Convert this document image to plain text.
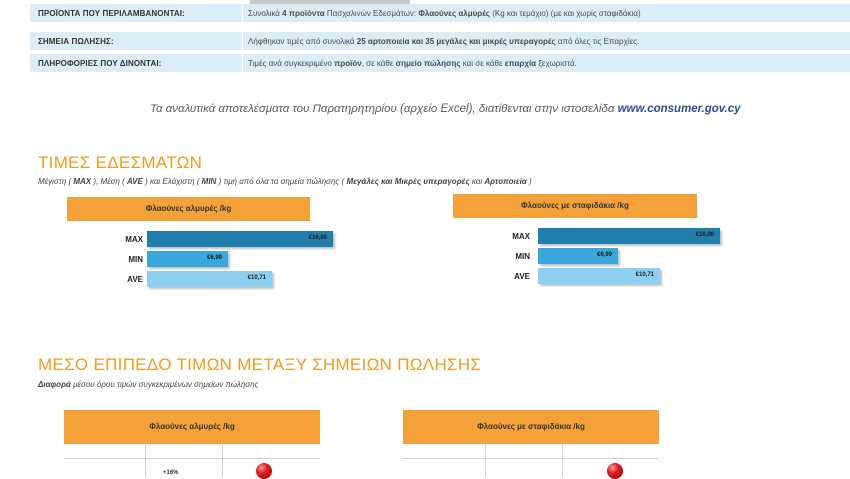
ΠΡΟΪΟΝΤΑ ΠΟΥ ΠΕΡΙΛΑΜΒΑΝΟΝΤΑΙ:	Συνολικά 4 προϊόντα Πασχαλινών Εδεσμάτων: Φλαούνες αλμυρές (Kg και τεμάχιο) (με και χωρίς σταφιδάκια)
ΣΗΜΕΙΑ ΠΩΛΗΣΗΣ:	Λήφθηκαν τιμές από συνολικά 25 αρτοποιεία και 35 μεγάλες και μικρές υπεραγορές από όλες τις Επαρχίες.
ΠΛΗΡΟΦΟΡΙΕΣ ΠΟΥ ΔΙΝΟΝΤΑΙ:	Τιμές ανά συγκεκριμένο προϊόν, σε κάθε σημείο πώλησης και σε κάθε επαρχία ξεχωριστά.
Τα αναλυτικά αποτελέσματα του Παρατηρητηρίου (αρχείο Excel), διατίθενται στην ιστοσελίδα www.consumer.gov.cy
ΤΙΜΕΣ ΕΔΕΣΜΑΤΩΝ
Μέγιστη ( MAX ), Μέση ( AVE ) και Ελάχιστη ( MIN ) τιμή από όλα τα σημεία πώλησης ( Μεγάλες και Μικρές υπεραγορές και Αρτοποιεία )
Φλαούνες αλμυρές /kg
MAX	€16,00
MIN	€6,99
AVE	€10,71
Φλαούνες με σταφιδάκια /kg
MAX	€16,00
MIN	€6,99
AVE	€10,71
ΜΕΣΟ ΕΠΙΠΕΔΟ ΤΙΜΩΝ ΜΕΤΑΞΥ ΣΗΜΕΙΩΝ ΠΩΛΗΣΗΣ
Διαφορά μέσου όρου τιμών συγκεκριμένων σημείων πώλησης
Φλαούνες αλμυρές /kg
+16%
Φλαούνες με σταφιδάκια /kg
